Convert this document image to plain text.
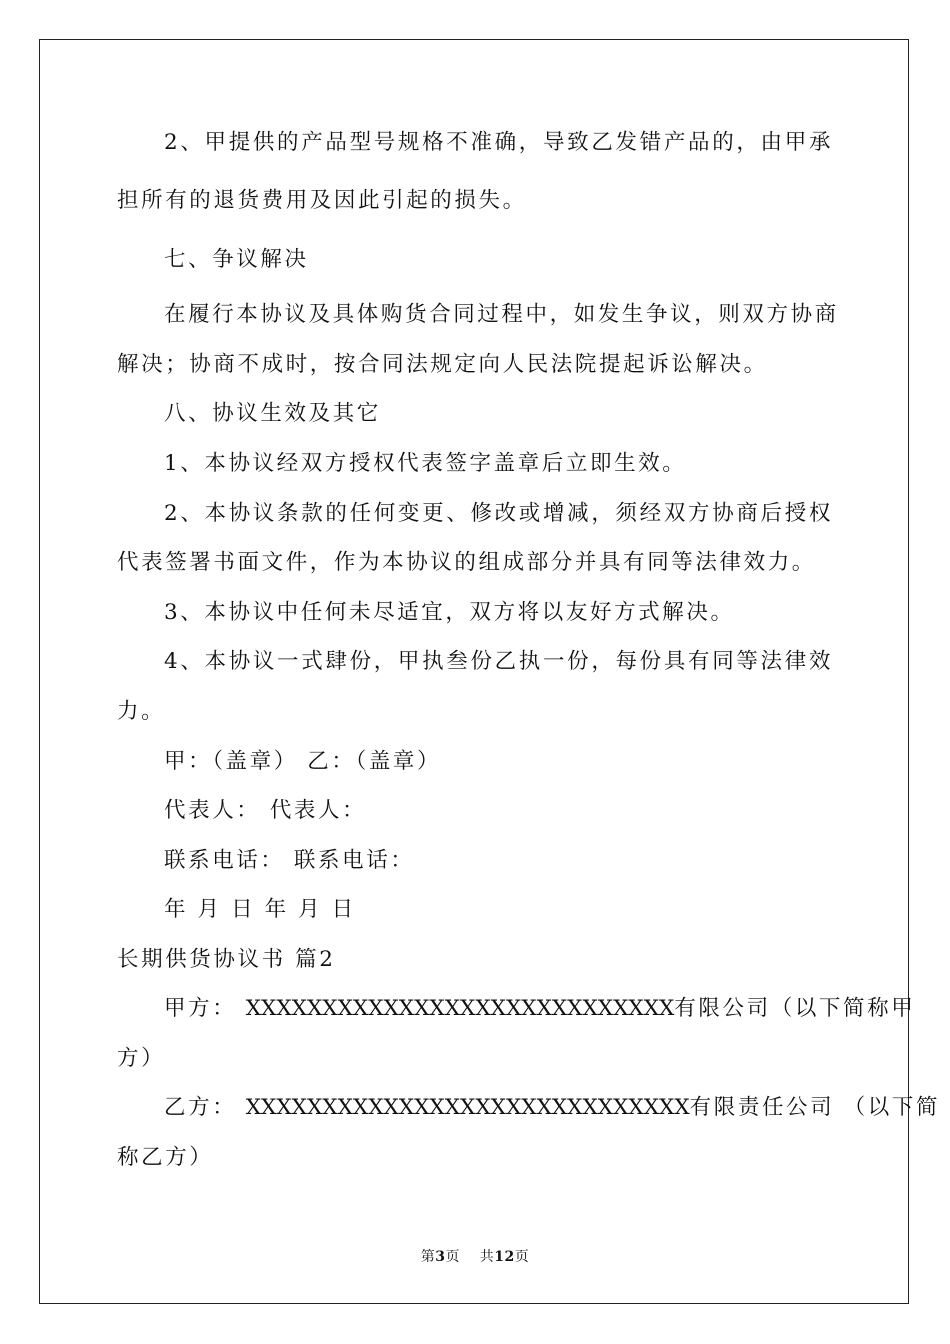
2、甲提供的产品型号规格不准确，导致乙发错产品的，由甲承
担所有的退货费用及因此引起的损失。
七、争议解决
在履行本协议及具体购货合同过程中，如发生争议，则双方协商
解决；协商不成时，按合同法规定向人民法院提起诉讼解决。
八、协议生效及其它
1、本协议经双方授权代表签字盖章后立即生效。
2、本协议条款的任何变更、修改或增减，须经双方协商后授权
代表签署书面文件，作为本协议的组成部分并具有同等法律效力。
3、本协议中任何未尽适宜，双方将以友好方式解决。
4、本协议一式肆份，甲执叁份乙执一份，每份具有同等法律效
力。
甲：（盖章） 乙：（盖章）
代表人： 代表人：
联系电话： 联系电话：
年 月 日 年 月 日
长期供货协议书 篇2
甲方： XXXXXXXXXXXXXXXXXXXXXXXXXXXX有限公司（以下简称甲
方）
乙方： XXXXXXXXXXXXXXXXXXXXXXXXXXXXX有限责任公司 （以下简
称乙方）
第3页 共12页
